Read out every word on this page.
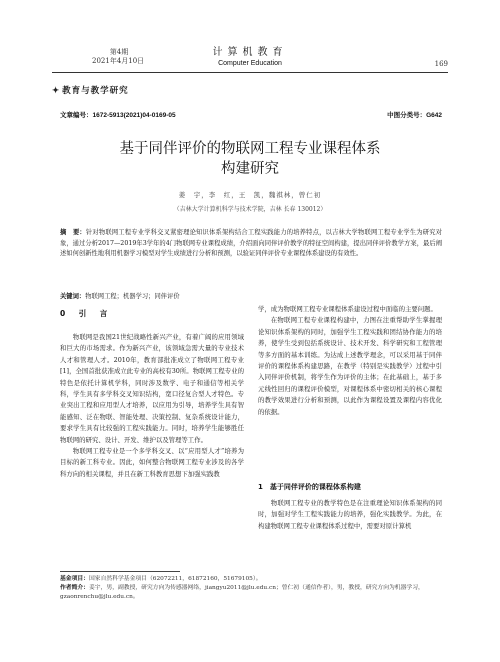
第4期
2021年4月10日
计算机教育
Computer Education	169
✦ 教育与教学研究
文章编号：1672-5913(2021)04-0169-05	中图分类号：G642
基于同伴评价的物联网工程专业课程体系
构建研究
姜　宇，李　红，王　凯，魏祺林，曾仁初
（吉林大学计算机科学与技术学院，吉林 长春 130012）
摘　要：针对物联网工程专业学科交叉紧密理论知识体系架构结合工程实践能力的培养特点，以吉林大学物联网工程专业学生为研究对象，通过分析2017—2019年3学年的4门物联网专业课程成绩，介绍面向同伴评价教学的特征空间构建，提出同伴评价教学方案，最后阐述如何创新性地利用机器学习模型对学生成绩进行分析和预测，以验证同伴评价专业课程体系建设的有效性。
关键词：物联网工程；机器学习；同伴评价
0　引　言

物联网是我国21世纪战略性新兴产业，有着广阔的应用领域和巨大的市场需求。作为新兴产业，该领域急需大量的专业技术人才和管理人才。2010年，教育部批准成立了物联网工程专业[1]，全国首批获准成立此专业的高校有30所。物联网工程专业的特色是依托计算机学科，同时涉及数学、电子和通信等相关学科，学生具有多学科交叉知识结构，宽口径复合型人才特色。专业突出工程和应用型人才培养，以应用为引导，培养学生具有智能感知、泛在物联、智能处理、决策控制、复杂系统设计能力，要求学生具有比较强的工程实践能力。同时，培养学生能够胜任物联网的研究、设计、开发、维护以及管理等工作。

物联网工程专业是一个多学科交叉、以“应用型人才”培养为目标的新工科专业。因此，如何整合物联网工程专业涉及的各学科方向的相关课程，并且在新工科教育思想下加强实践教

学，成为物联网工程专业课程体系建设过程中面临的主要问题。

在物联网工程专业课程构建中，力图在注重帮助学生掌握理论知识体系架构的同时，加强学生工程实践和团结协作能力的培养，使学生受到包括系统设计、技术开发、科学研究和工程管理等多方面的基本训练。为达成上述教学理念，可以采用基于同伴评价的课程体系构建思路，在教学（特别是实践教学）过程中引入同伴评价机制，将学生作为评价的主体；在此基础上，基于多元线性回归的课程评价模型，对课程体系中密切相关的核心课程的教学效果进行分析和预测，以此作为课程设置及课程内容优化的依据。

1　基于同伴评价的课程体系构建

物联网工程专业的教学特色是在注重理论知识体系架构的同时，加强对学生工程实践能力的培养，强化实践教学。为此，在构建物联网工程专业课程体系过程中，需要对原计算机

基金项目：国家自然科学基金项目（62072211，61872160，51679105）。
作者简介：姜宇，男，副教授，研究方向为传感器网络，jiangyu2011@jlu.edu.cn；曾仁初（通信作者），男，教授，研究方向为机器学习，gzaonrenchu@jlu.edu.cn。
